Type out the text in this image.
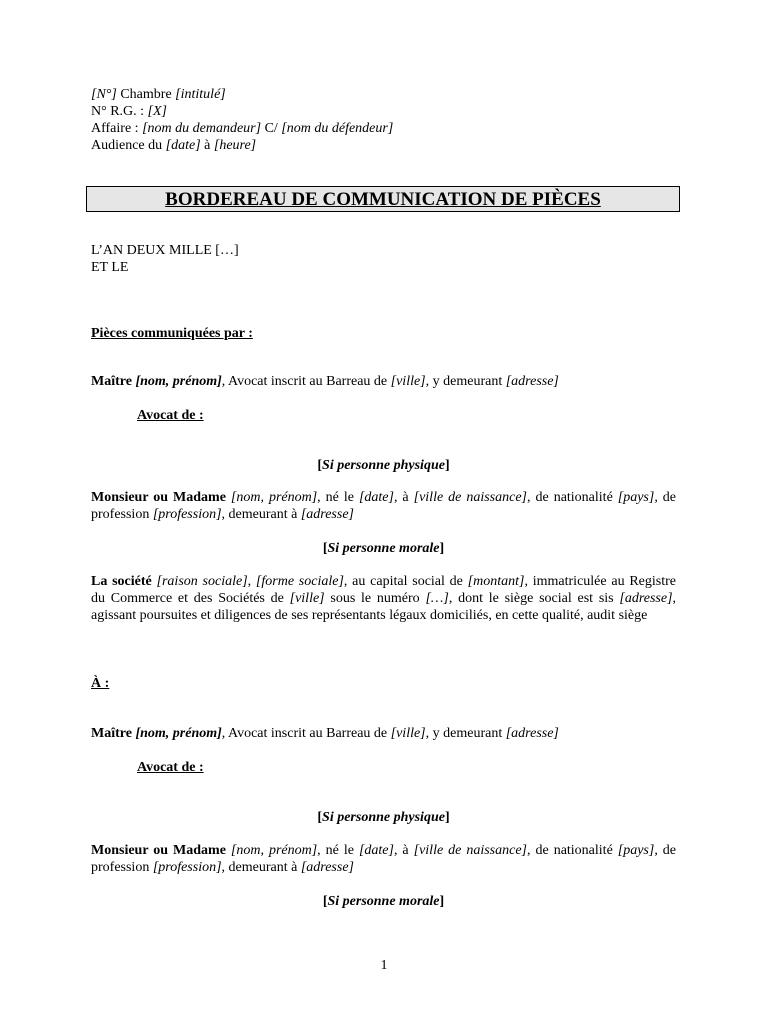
[N°] Chambre [intitulé]
N° R.G. : [X]
Affaire : [nom du demandeur] C/ [nom du défendeur]
Audience du [date] à [heure]
BORDEREAU DE COMMUNICATION DE PIÈCES
L’AN DEUX MILLE […]
ET LE
Pièces communiquées par :
Maître [nom, prénom], Avocat inscrit au Barreau de [ville], y demeurant [adresse]
Avocat de :
[Si personne physique]
Monsieur ou Madame [nom, prénom], né le [date], à [ville de naissance], de nationalité [pays], de profession [profession], demeurant à [adresse]
[Si personne morale]
La société [raison sociale], [forme sociale], au capital social de [montant], immatriculée au Registre du Commerce et des Sociétés de [ville] sous le numéro […], dont le siège social est sis [adresse], agissant poursuites et diligences de ses représentants légaux domiciliés, en cette qualité, audit siège
À :
Maître [nom, prénom], Avocat inscrit au Barreau de [ville], y demeurant [adresse]
Avocat de :
[Si personne physique]
Monsieur ou Madame [nom, prénom], né le [date], à [ville de naissance], de nationalité [pays], de profession [profession], demeurant à [adresse]
[Si personne morale]
1
